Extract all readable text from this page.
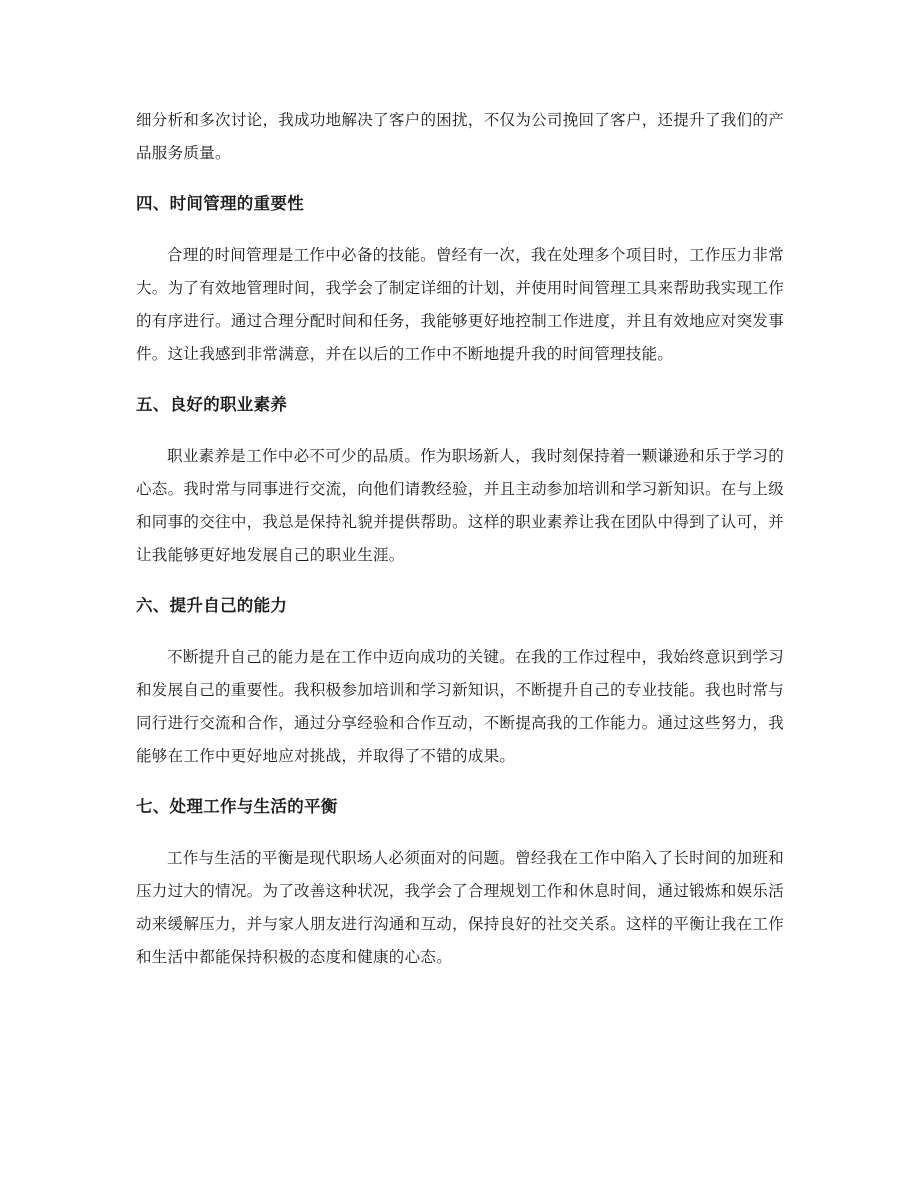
细分析和多次讨论，我成功地解决了客户的困扰，不仅为公司挽回了客户，还提升了我们的产品服务质量。

四、时间管理的重要性

合理的时间管理是工作中必备的技能。曾经有一次，我在处理多个项目时，工作压力非常大。为了有效地管理时间，我学会了制定详细的计划，并使用时间管理工具来帮助我实现工作的有序进行。通过合理分配时间和任务，我能够更好地控制工作进度，并且有效地应对突发事件。这让我感到非常满意，并在以后的工作中不断地提升我的时间管理技能。

五、良好的职业素养

职业素养是工作中必不可少的品质。作为职场新人，我时刻保持着一颗谦逊和乐于学习的心态。我时常与同事进行交流，向他们请教经验，并且主动参加培训和学习新知识。在与上级和同事的交往中，我总是保持礼貌并提供帮助。这样的职业素养让我在团队中得到了认可，并让我能够更好地发展自己的职业生涯。

六、提升自己的能力

不断提升自己的能力是在工作中迈向成功的关键。在我的工作过程中，我始终意识到学习和发展自己的重要性。我积极参加培训和学习新知识，不断提升自己的专业技能。我也时常与同行进行交流和合作，通过分享经验和合作互动，不断提高我的工作能力。通过这些努力，我能够在工作中更好地应对挑战，并取得了不错的成果。

七、处理工作与生活的平衡

工作与生活的平衡是现代职场人必须面对的问题。曾经我在工作中陷入了长时间的加班和压力过大的情况。为了改善这种状况，我学会了合理规划工作和休息时间，通过锻炼和娱乐活动来缓解压力，并与家人朋友进行沟通和互动，保持良好的社交关系。这样的平衡让我在工作和生活中都能保持积极的态度和健康的心态。
